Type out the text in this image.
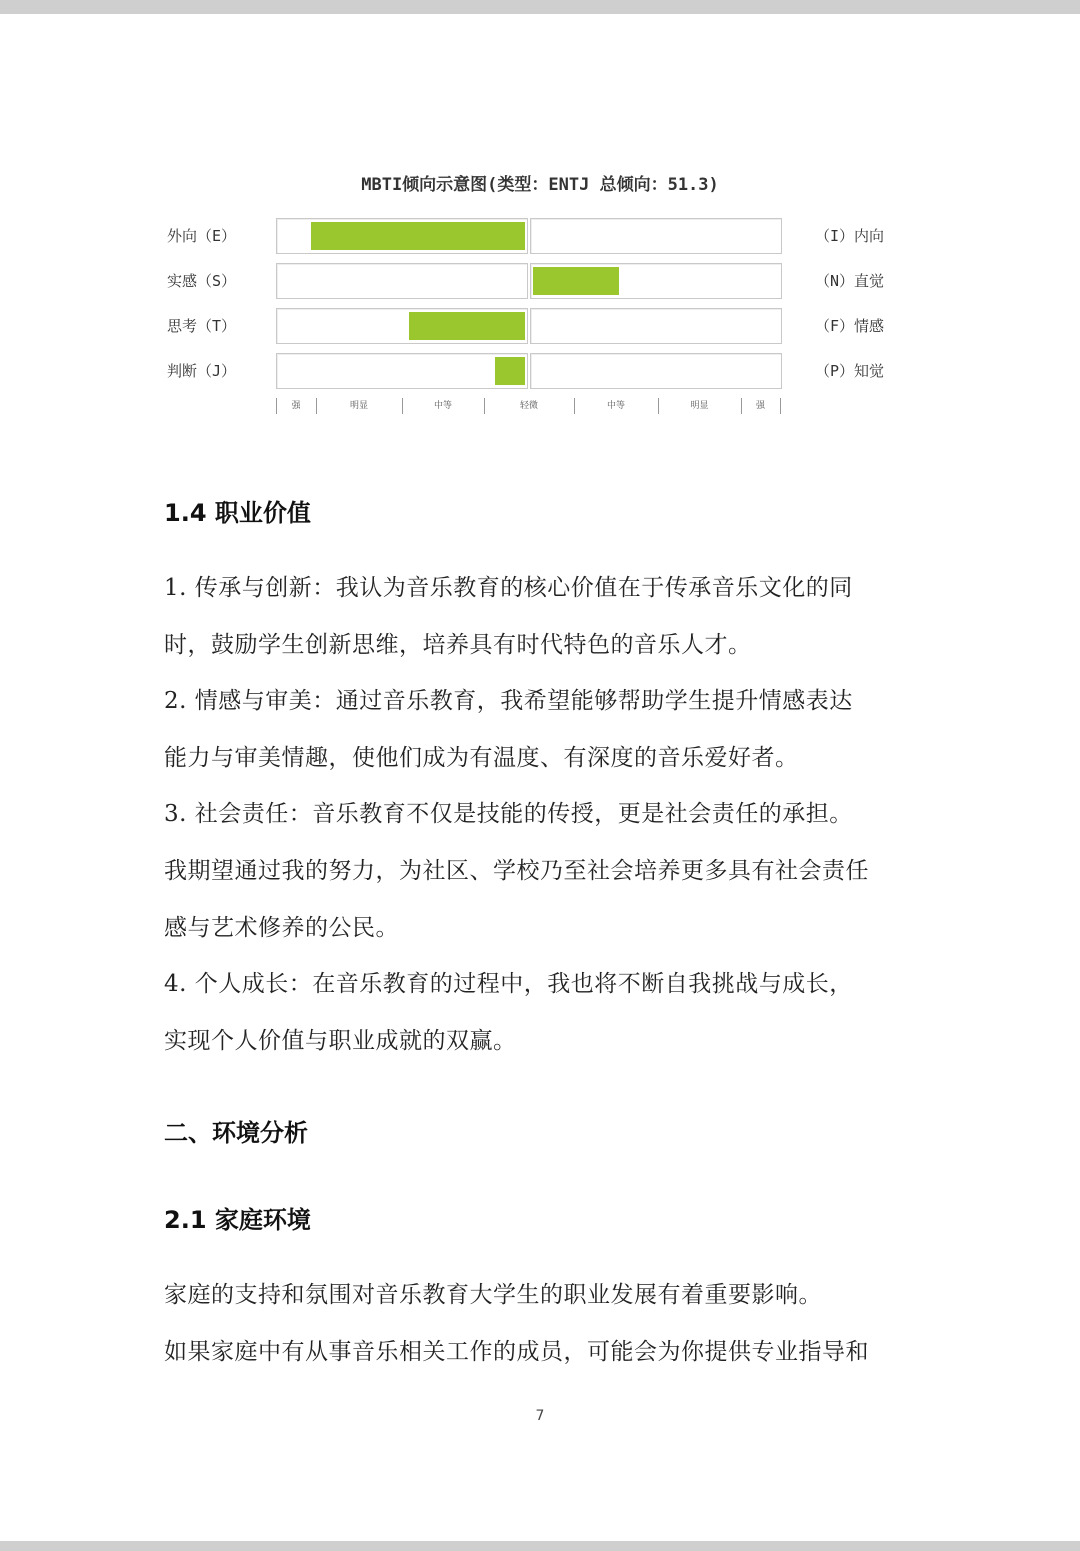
MBTI倾向示意图(类型：ENTJ 总倾向：51.3)
外向（E）	（I）内向
实感（S）	（N）直觉
思考（T）	（F）情感
判断（J）	（P）知觉
强	明显	中等	轻微	中等	明显	强
1.4 职业价值
1. 传承与创新：我认为音乐教育的核心价值在于传承音乐文化的同
时，鼓励学生创新思维，培养具有时代特色的音乐人才。
2. 情感与审美：通过音乐教育，我希望能够帮助学生提升情感表达
能力与审美情趣，使他们成为有温度、有深度的音乐爱好者。
3. 社会责任：音乐教育不仅是技能的传授，更是社会责任的承担。
我期望通过我的努力，为社区、学校乃至社会培养更多具有社会责任
感与艺术修养的公民。
4. 个人成长：在音乐教育的过程中，我也将不断自我挑战与成长，
实现个人价值与职业成就的双赢。
二、环境分析
2.1 家庭环境
家庭的支持和氛围对音乐教育大学生的职业发展有着重要影响。
如果家庭中有从事音乐相关工作的成员，可能会为你提供专业指导和
7
